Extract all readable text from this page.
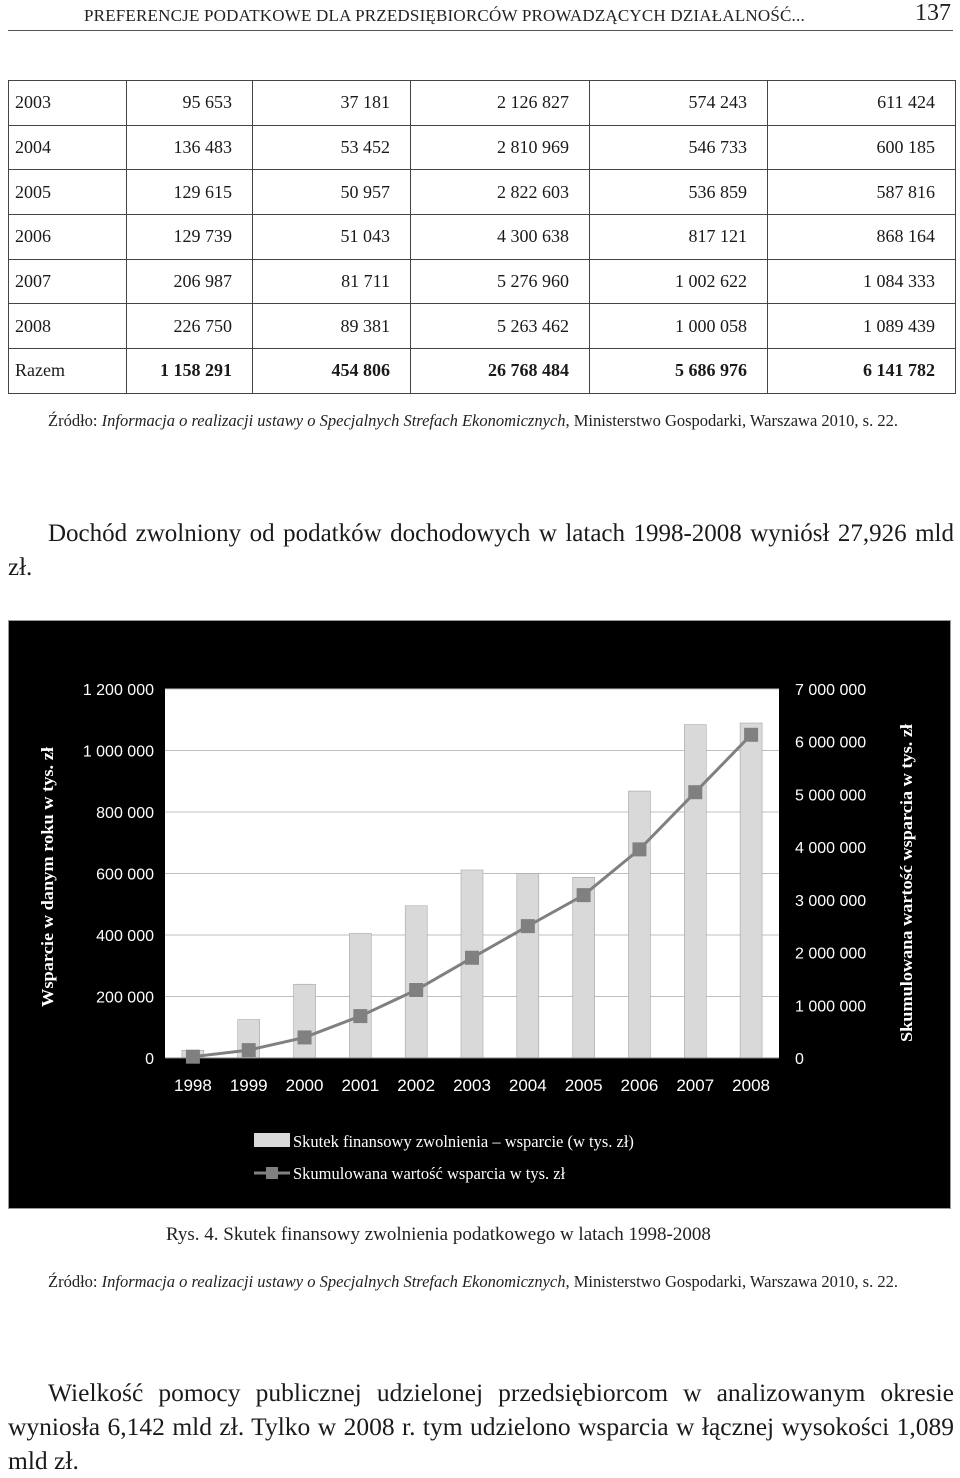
PREFERENCJE PODATKOWE DLA PRZEDSIĘBIORCÓW PROWADZĄCYCH DZIAŁALNOŚĆ...	137
2003	95 653	37 181	2 126 827	574 243	611 424
2004	136 483	53 452	2 810 969	546 733	600 185
2005	129 615	50 957	2 822 603	536 859	587 816
2006	129 739	51 043	4 300 638	817 121	868 164
2007	206 987	81 711	5 276 960	1 002 622	1 084 333
2008	226 750	89 381	5 263 462	1 000 058	1 089 439
Razem	1 158 291	454 806	26 768 484	5 686 976	6 141 782
Źródło: Informacja o realizacji ustawy o Specjalnych Strefach Ekonomicznych, Ministerstwo Gospodarki, Warszawa 2010, s. 22.
Dochód zwolniony od podatków dochodowych w latach 1998-2008 wyniósł 27,926 mld zł.
0
200 000
400 000
600 000
800 000
1 000 000
1 200 000
0
1 000 000
2 000 000
3 000 000
4 000 000
5 000 000
6 000 000
7 000 000
1998 1999 2000 2001 2002 2003 2004 2005 2006 2007 2008
Wsparcie w danym roku w tys. zł	Skumulowana wartość wsparcia w tys. zł
Skutek finansowy zwolnienia – wsparcie (w tys. zł)
Skumulowana wartość wsparcia w tys. zł
Rys. 4. Skutek finansowy zwolnienia podatkowego w latach 1998-2008
Źródło: Informacja o realizacji ustawy o Specjalnych Strefach Ekonomicznych, Ministerstwo Gospodarki, Warszawa 2010, s. 22.
Wielkość pomocy publicznej udzielonej przedsiębiorcom w analizowanym okresie wyniosła 6,142 mld zł. Tylko w 2008 r. tym udzielono wsparcia w łącznej wysokości 1,089 mld zł.
